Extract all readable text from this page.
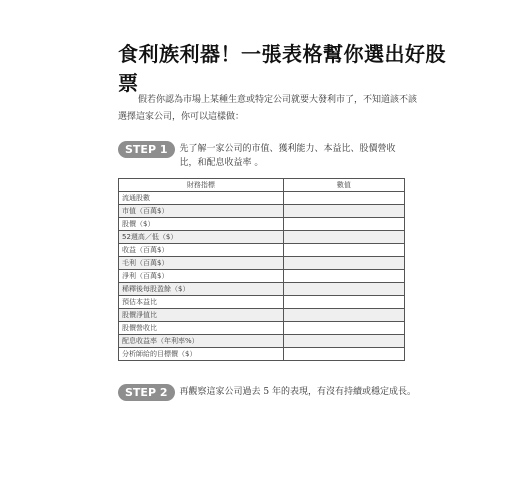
食利族利器！一張表格幫你選出好股票
假若你認為市場上某種生意或特定公司就要大發利市了，不知道該不該選擇這家公司，你可以這樣做：
STEP 1	先了解一家公司的市值、獲利能力、本益比、股價營收比，和配息收益率 。
財務指標	數值
流通股數	
市值（百萬$）	
股價（$）	
52週高／低（$）	
收益（百萬$）	
毛利（百萬$）	
淨利（百萬$）	
稀釋後每股盈餘（$）	
預估本益比	
股價淨值比	
股價營收比	
配息收益率（年利率%）	
分析師給的目標價（$）	
STEP 2	再觀察這家公司過去 5 年的表現，有沒有持續或穩定成長。
